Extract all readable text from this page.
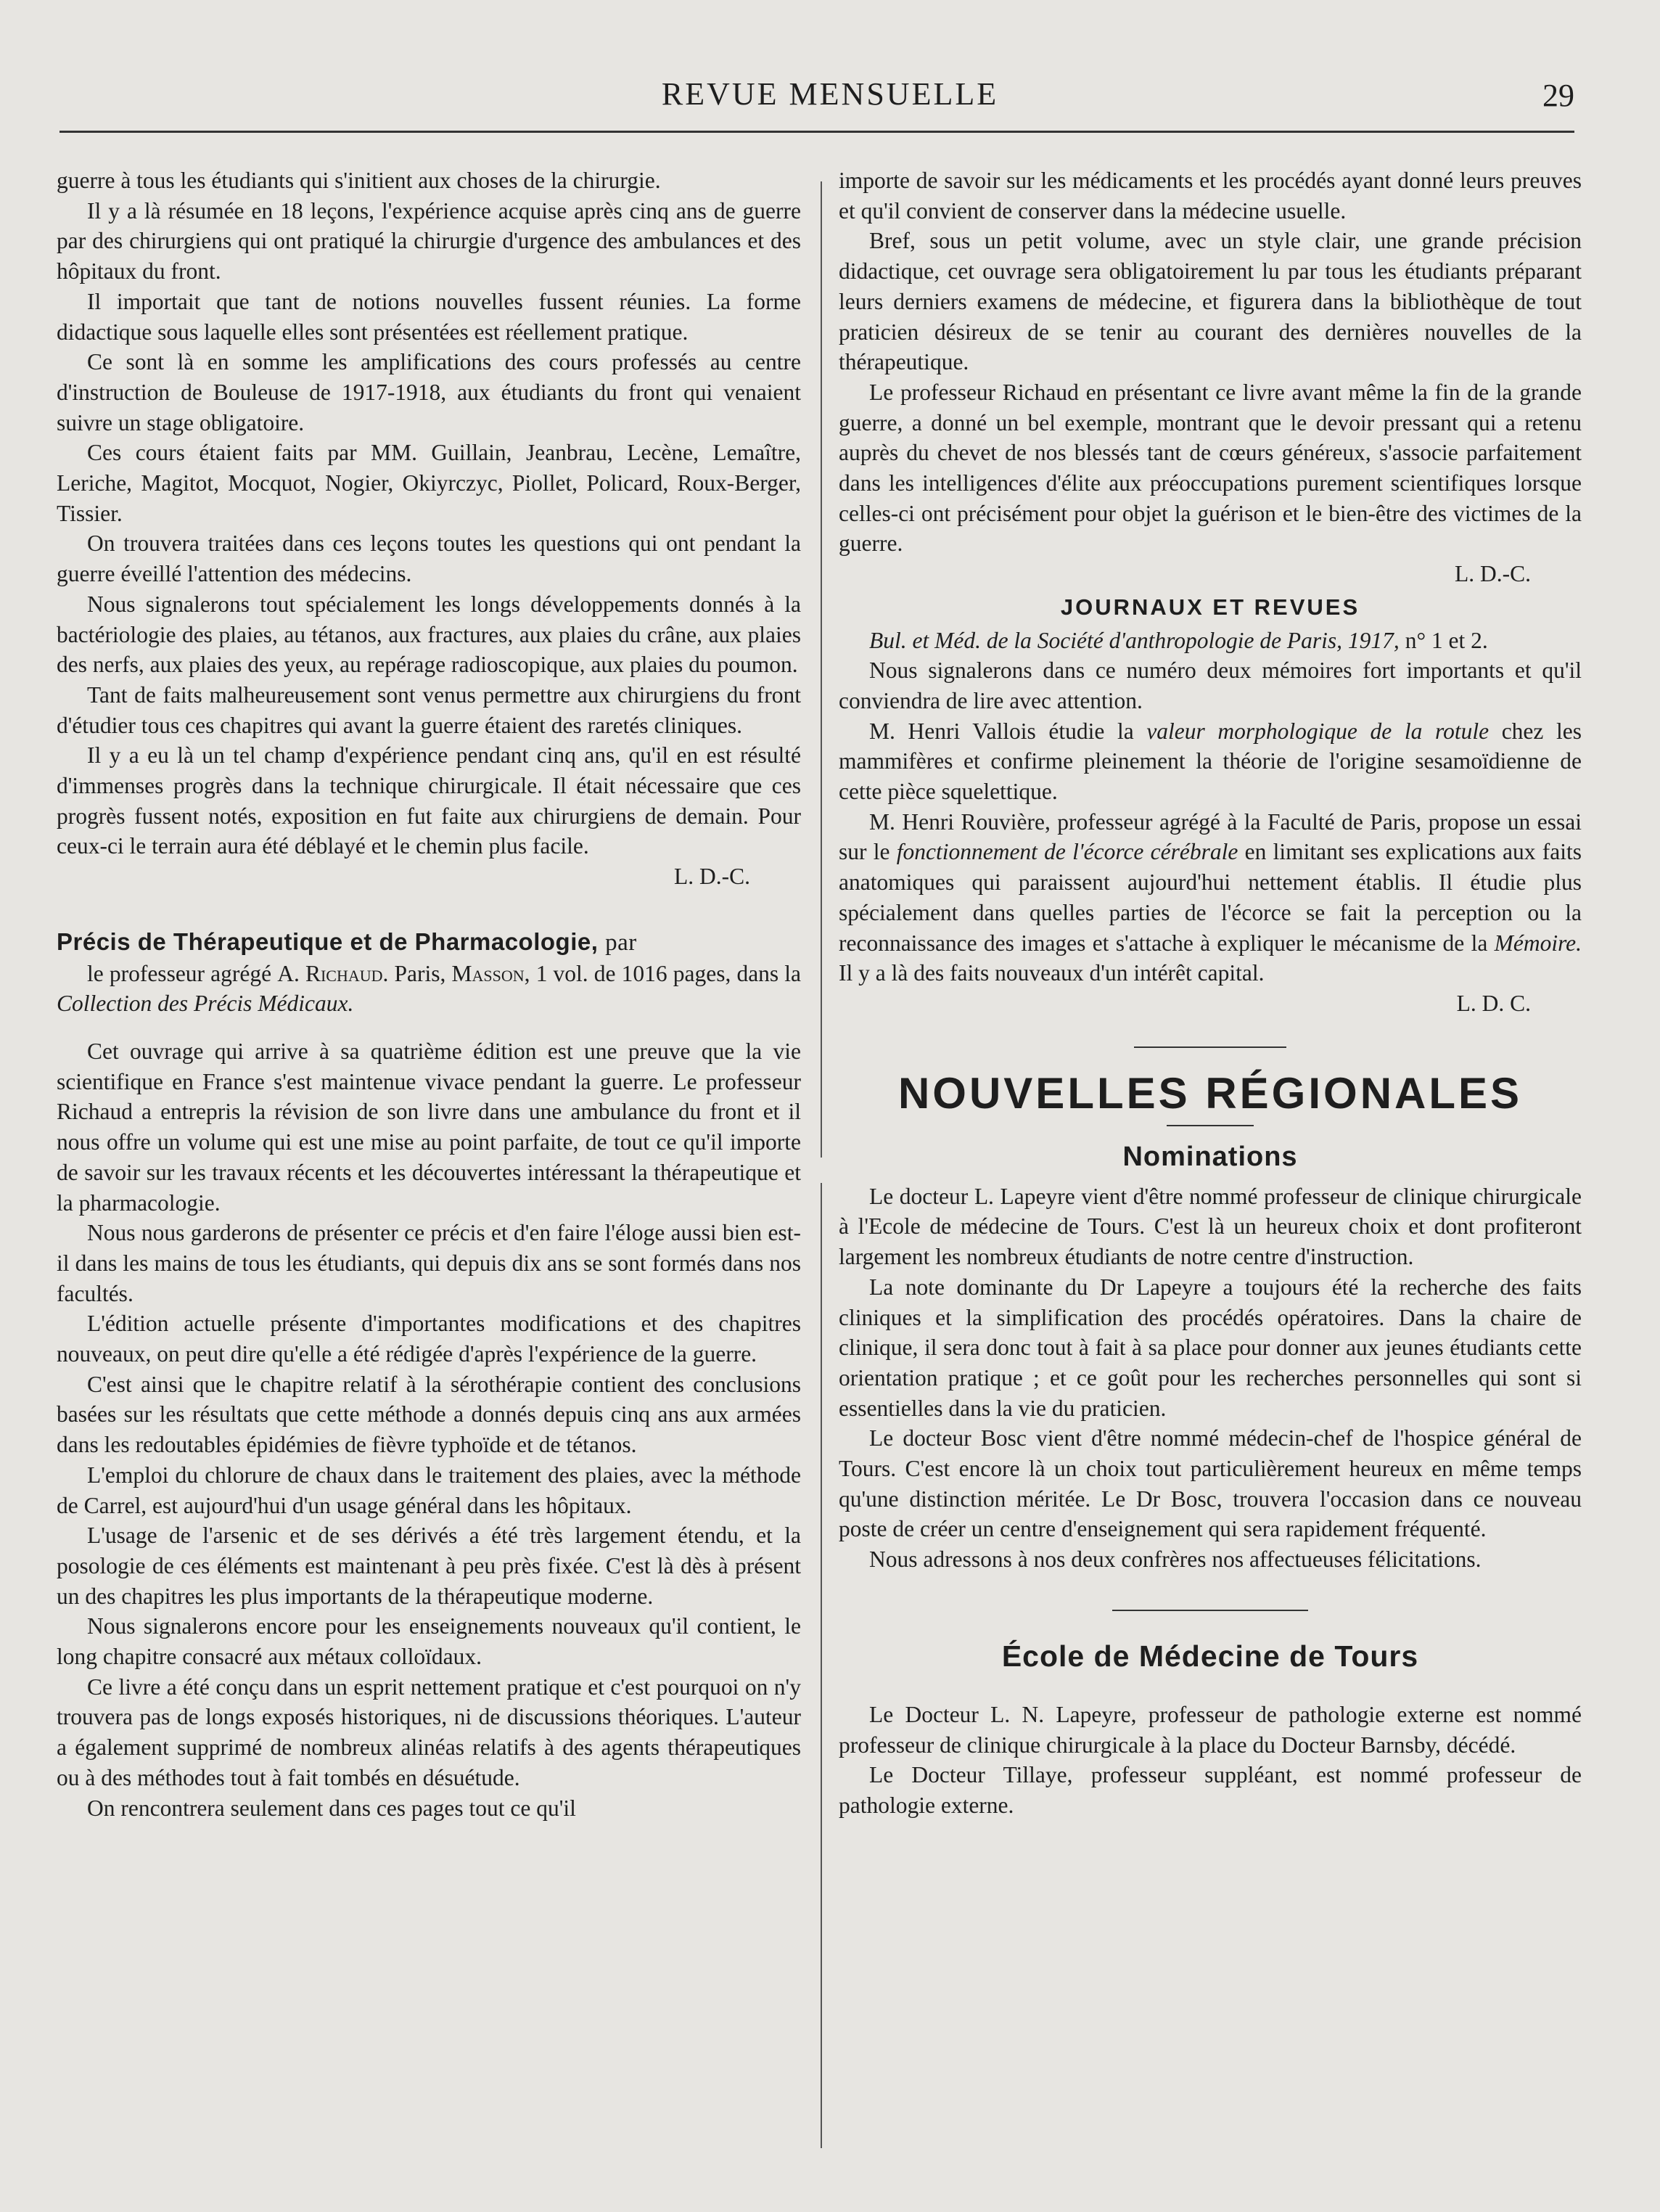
REVUE MENSUELLE	29

guerre à tous les étudiants qui s'initient aux choses de la chirurgie.

Il y a là résumée en 18 leçons, l'expérience acquise après cinq ans de guerre par des chirurgiens qui ont pratiqué la chirurgie d'urgence des ambulances et des hôpitaux du front.

Il importait que tant de notions nouvelles fussent réunies. La forme didactique sous laquelle elles sont présentées est réellement pratique.

Ce sont là en somme les amplifications des cours professés au centre d'instruction de Bouleuse de 1917-1918, aux étudiants du front qui venaient suivre un stage obligatoire.

Ces cours étaient faits par MM. Guillain, Jeanbrau, Lecène, Lemaître, Leriche, Magitot, Mocquot, Nogier, Okiyrczyc, Piollet, Policard, Roux-Berger, Tissier.

On trouvera traitées dans ces leçons toutes les questions qui ont pendant la guerre éveillé l'attention des médecins.

Nous signalerons tout spécialement les longs développements donnés à la bactériologie des plaies, au tétanos, aux fractures, aux plaies du crâne, aux plaies des nerfs, aux plaies des yeux, au repérage radioscopique, aux plaies du poumon.

Tant de faits malheureusement sont venus permettre aux chirurgiens du front d'étudier tous ces chapitres qui avant la guerre étaient des raretés cliniques.

Il y a eu là un tel champ d'expérience pendant cinq ans, qu'il en est résulté d'immenses progrès dans la technique chirurgicale. Il était nécessaire que ces progrès fussent notés, exposition en fut faite aux chirurgiens de demain. Pour ceux-ci le terrain aura été déblayé et le chemin plus facile.

L. D.-C.

Précis de Thérapeutique et de Pharmacologie, par

le professeur agrégé A. Richaud. Paris, Masson, 1 vol. de 1016 pages, dans la Collection des Précis Médicaux.

Cet ouvrage qui arrive à sa quatrième édition est une preuve que la vie scientifique en France s'est maintenue vivace pendant la guerre. Le professeur Richaud a entrepris la révision de son livre dans une ambulance du front et il nous offre un volume qui est une mise au point parfaite, de tout ce qu'il importe de savoir sur les travaux récents et les découvertes intéressant la thérapeutique et la pharmacologie.

Nous nous garderons de présenter ce précis et d'en faire l'éloge aussi bien est-il dans les mains de tous les étudiants, qui depuis dix ans se sont formés dans nos facultés.

L'édition actuelle présente d'importantes modifications et des chapitres nouveaux, on peut dire qu'elle a été rédigée d'après l'expérience de la guerre.

C'est ainsi que le chapitre relatif à la sérothérapie contient des conclusions basées sur les résultats que cette méthode a donnés depuis cinq ans aux armées dans les redoutables épidémies de fièvre typhoïde et de tétanos.

L'emploi du chlorure de chaux dans le traitement des plaies, avec la méthode de Carrel, est aujourd'hui d'un usage général dans les hôpitaux.

L'usage de l'arsenic et de ses dérivés a été très largement étendu, et la posologie de ces éléments est maintenant à peu près fixée. C'est là dès à présent un des chapitres les plus importants de la thérapeutique moderne.

Nous signalerons encore pour les enseignements nouveaux qu'il contient, le long chapitre consacré aux métaux colloïdaux.

Ce livre a été conçu dans un esprit nettement pratique et c'est pourquoi on n'y trouvera pas de longs exposés historiques, ni de discussions théoriques. L'auteur a également supprimé de nombreux alinéas relatifs à des agents thérapeutiques ou à des méthodes tout à fait tombés en désuétude.

On rencontrera seulement dans ces pages tout ce qu'il

importe de savoir sur les médicaments et les procédés ayant donné leurs preuves et qu'il convient de conserver dans la médecine usuelle.

Bref, sous un petit volume, avec un style clair, une grande précision didactique, cet ouvrage sera obligatoirement lu par tous les étudiants préparant leurs derniers examens de médecine, et figurera dans la bibliothèque de tout praticien désireux de se tenir au courant des dernières nouvelles de la thérapeutique.

Le professeur Richaud en présentant ce livre avant même la fin de la grande guerre, a donné un bel exemple, montrant que le devoir pressant qui a retenu auprès du chevet de nos blessés tant de cœurs généreux, s'associe parfaitement dans les intelligences d'élite aux préoccupations purement scientifiques lorsque celles-ci ont précisément pour objet la guérison et le bien-être des victimes de la guerre.

L. D.-C.

JOURNAUX ET REVUES

Bul. et Méd. de la Société d'anthropologie de Paris, 1917, n° 1 et 2.

Nous signalerons dans ce numéro deux mémoires fort importants et qu'il conviendra de lire avec attention.

M. Henri Vallois étudie la valeur morphologique de la rotule chez les mammifères et confirme pleinement la théorie de l'origine sesamoïdienne de cette pièce squelettique.

M. Henri Rouvière, professeur agrégé à la Faculté de Paris, propose un essai sur le fonctionnement de l'écorce cérébrale en limitant ses explications aux faits anatomiques qui paraissent aujourd'hui nettement établis. Il étudie plus spécialement dans quelles parties de l'écorce se fait la perception ou la reconnaissance des images et s'attache à expliquer le mécanisme de la Mémoire. Il y a là des faits nouveaux d'un intérêt capital.

L. D. C.

NOUVELLES RÉGIONALES

Nominations

Le docteur L. Lapeyre vient d'être nommé professeur de clinique chirurgicale à l'Ecole de médecine de Tours. C'est là un heureux choix et dont profiteront largement les nombreux étudiants de notre centre d'instruction.

La note dominante du Dr Lapeyre a toujours été la recherche des faits cliniques et la simplification des procédés opératoires. Dans la chaire de clinique, il sera donc tout à fait à sa place pour donner aux jeunes étudiants cette orientation pratique ; et ce goût pour les recherches personnelles qui sont si essentielles dans la vie du praticien.

Le docteur Bosc vient d'être nommé médecin-chef de l'hospice général de Tours. C'est encore là un choix tout particulièrement heureux en même temps qu'une distinction méritée. Le Dr Bosc, trouvera l'occasion dans ce nouveau poste de créer un centre d'enseignement qui sera rapidement fréquenté.

Nous adressons à nos deux confrères nos affectueuses félicitations.

École de Médecine de Tours

Le Docteur L. N. Lapeyre, professeur de pathologie externe est nommé professeur de clinique chirurgicale à la place du Docteur Barnsby, décédé.

Le Docteur Tillaye, professeur suppléant, est nommé professeur de pathologie externe.
